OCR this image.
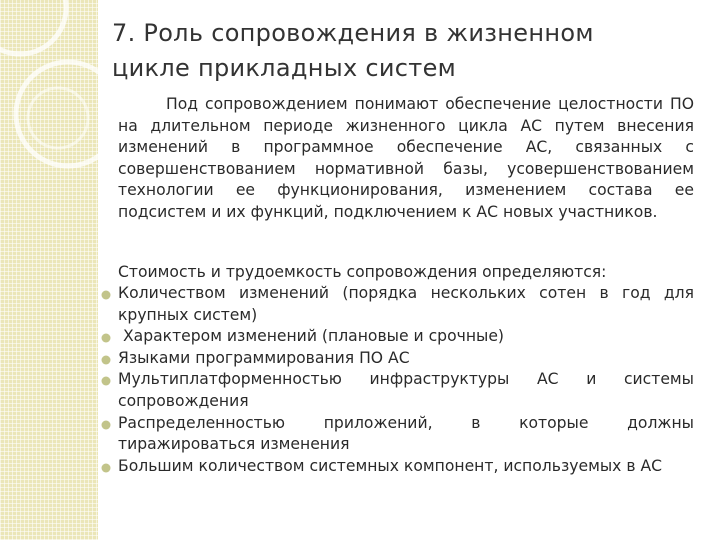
7. Роль сопровождения в жизненном цикле прикладных систем

Под сопровождением понимают обеспечение целостности ПО на длительном периоде жизненного цикла АС путем внесения изменений в программное обеспечение АС, связанных с совершенствованием нормативной базы, усовершенствованием технологии ее функционирования, изменением состава ее подсистем и их функций, подключением к АС новых участников.

Стоимость и трудоемкость сопровождения определяются:

Количеством изменений (порядка нескольких сотен в год для крупных систем)
Характером изменений (плановые и срочные)
Языками программирования ПО АС
Мультиплатформенностью инфраструктуры АС и системы сопровождения
Распределенностью приложений, в которые должны тиражироваться изменения
Большим количеством системных компонент, используемых в АС
